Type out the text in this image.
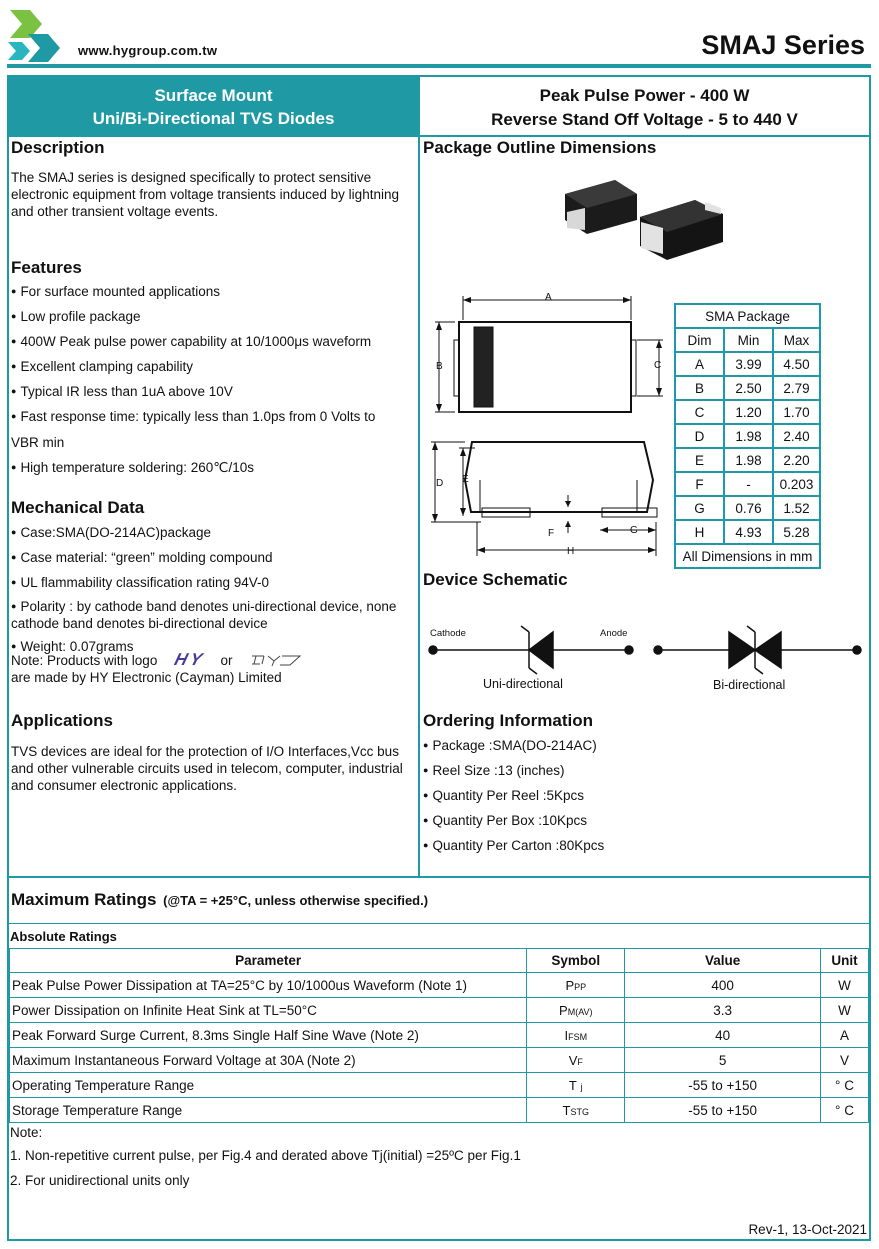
www.hygroup.com.tw	SMAJ Series
Surface Mount
Uni/Bi-Directional TVS Diodes
Peak Pulse Power - 400 W
Reverse Stand Off Voltage - 5 to 440 V
Description
The SMAJ series is designed specifically to protect sensitive electronic equipment from voltage transients induced by lightning and other transient voltage events.
Features
● For surface mounted applications
● Low profile package
● 400W Peak pulse power capability at 10/1000μs waveform
● Excellent clamping capability
● Typical IR less than 1uA above 10V
● Fast response time: typically less than 1.0ps from 0 Volts to
VBR min
● High temperature soldering: 260℃/10s
Mechanical Data
● Case:SMA(DO-214AC)package
● Case material: “green” molding compound
● UL flammability classification rating 94V-0
● Polarity : by cathode band denotes uni-directional device, none
cathode band denotes bi-directional device
● Weight: 0.07grams
Note: Products with logo HY or
are made by HY Electronic (Cayman) Limited
Applications
TVS devices are ideal for the protection of I/O Interfaces,Vcc bus and other vulnerable circuits used in telecom, computer, industrial and consumer electronic applications.
Package Outline Dimensions
A
B	C
D E
F	G
H
SMA Package		
Dim	Min	Max
A	3.99	4.50
B	2.50	2.79
C	1.20	1.70
D	1.98	2.40
E	1.98	2.20
F	-	0.203
G	0.76	1.52
H	4.93	5.28
All Dimensions in mm		
Device Schematic
Cathode	Anode
Uni-directional	Bi-directional
Ordering Information
● Package :SMA(DO-214AC)
● Reel Size :13 (inches)
● Quantity Per Reel :5Kpcs
● Quantity Per Box :10Kpcs
● Quantity Per Carton :80Kpcs
Maximum Ratings (@TA = +25°C, unless otherwise specified.)
Absolute Ratings
Parameter	Symbol	Value	Unit
Peak Pulse Power Dissipation at TA=25°C by 10/1000us Waveform (Note 1)	PPP	400	W
Power Dissipation on Infinite Heat Sink at TL=50°C	PM(AV)	3.3	W
Peak Forward Surge Current, 8.3ms Single Half Sine Wave (Note 2)	IFSM	40	A
Maximum Instantaneous Forward Voltage at 30A (Note 2)	VF	5	V
Operating Temperature Range	T j	-55 to +150	° C
Storage Temperature Range	TSTG	-55 to +150	° C
Note:
1. Non-repetitive current pulse, per Fig.4 and derated above Tj(initial) =25ºC per Fig.1
2. For unidirectional units only
Rev-1, 13-Oct-2021
